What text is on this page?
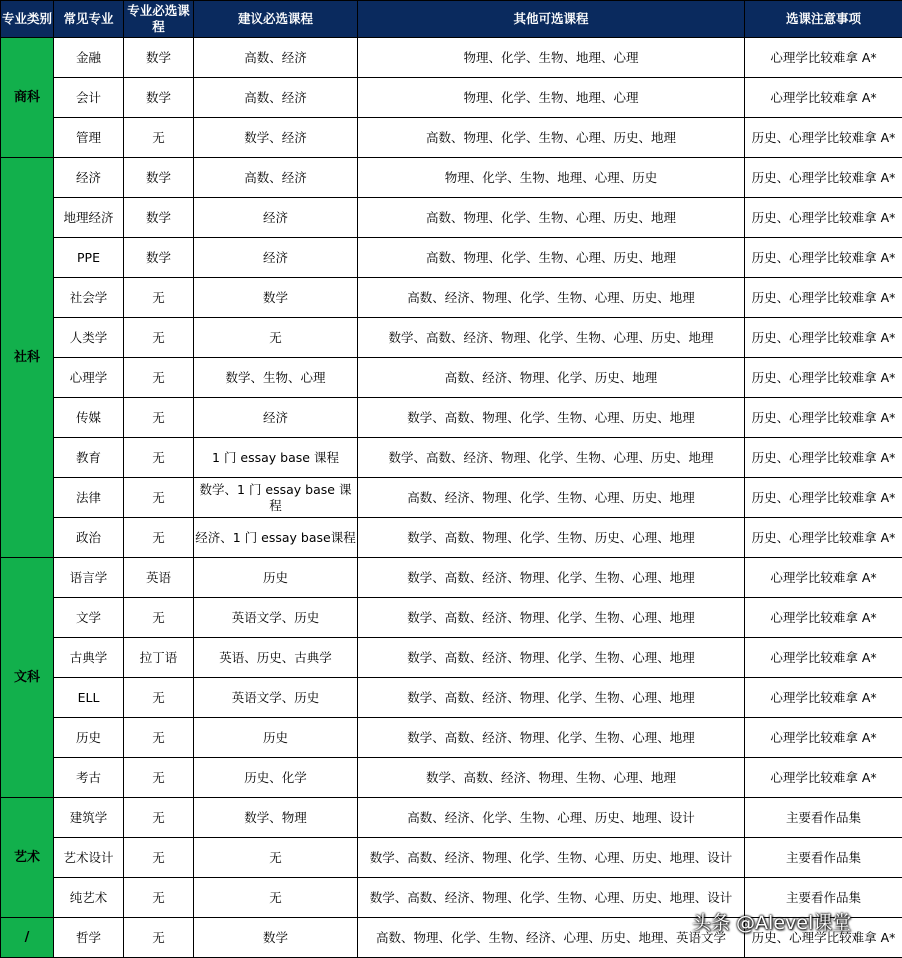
专业类别	常见专业	专业必选课程	建议必选课程	其他可选课程	选课注意事项
商科	金融	数学	高数、经济	物理、化学、生物、地理、心理	心理学比较难拿 A*
	会计	数学	高数、经济	物理、化学、生物、地理、心理	心理学比较难拿 A*
	管理	无	数学、经济	高数、物理、化学、生物、心理、历史、地理	历史、心理学比较难拿 A*
社科	经济	数学	高数、经济	物理、化学、生物、地理、心理、历史	历史、心理学比较难拿 A*
	地理经济	数学	经济	高数、物理、化学、生物、心理、历史、地理	历史、心理学比较难拿 A*
	PPE	数学	经济	高数、物理、化学、生物、心理、历史、地理	历史、心理学比较难拿 A*
	社会学	无	数学	高数、经济、物理、化学、生物、心理、历史、地理	历史、心理学比较难拿 A*
	人类学	无	无	数学、高数、经济、物理、化学、生物、心理、历史、地理	历史、心理学比较难拿 A*
	心理学	无	数学、生物、心理	高数、经济、物理、化学、历史、地理	历史、心理学比较难拿 A*
	传媒	无	经济	数学、高数、物理、化学、生物、心理、历史、地理	历史、心理学比较难拿 A*
	教育	无	1 门 essay base 课程	数学、高数、经济、物理、化学、生物、心理、历史、地理	历史、心理学比较难拿 A*
	法律	无	数学、1 门 essay base 课程	高数、经济、物理、化学、生物、心理、历史、地理	历史、心理学比较难拿 A*
	政治	无	经济、1 门 essay base课程	数学、高数、物理、化学、生物、历史、心理、地理	历史、心理学比较难拿 A*
文科	语言学	英语	历史	数学、高数、经济、物理、化学、生物、心理、地理	心理学比较难拿 A*
	文学	无	英语文学、历史	数学、高数、经济、物理、化学、生物、心理、地理	心理学比较难拿 A*
	古典学	拉丁语	英语、历史、古典学	数学、高数、经济、物理、化学、生物、心理、地理	心理学比较难拿 A*
	ELL	无	英语文学、历史	数学、高数、经济、物理、化学、生物、心理、地理	心理学比较难拿 A*
	历史	无	历史	数学、高数、经济、物理、化学、生物、心理、地理	心理学比较难拿 A*
	考古	无	历史、化学	数学、高数、经济、物理、生物、心理、地理	心理学比较难拿 A*
艺术	建筑学	无	数学、物理	高数、经济、化学、生物、心理、历史、地理、设计	主要看作品集
	艺术设计	无	无	数学、高数、经济、物理、化学、生物、心理、历史、地理、设计	主要看作品集
	纯艺术	无	无	数学、高数、经济、物理、化学、生物、心理、历史、地理、设计	主要看作品集
/	哲学	无	数学	高数、物理、化学、生物、经济、心理、历史、地理、英语文学	历史、心理学比较难拿 A*
头条 @Alevel课堂
